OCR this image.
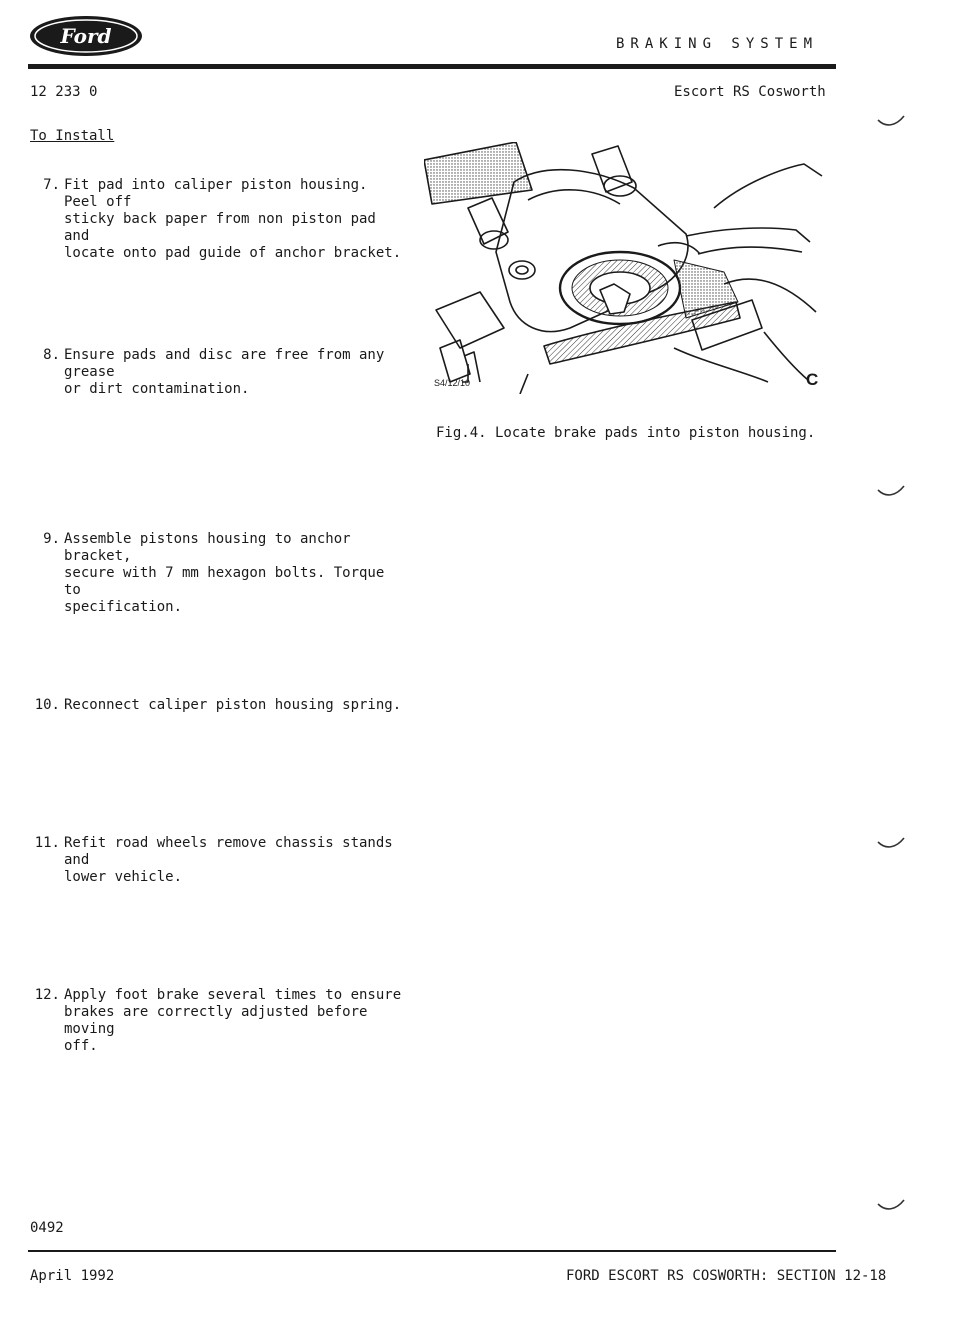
Ford	BRAKING SYSTEM
12 233 0	Escort RS Cosworth
To Install

7. Fit pad into caliper piston housing. Peel off
sticky back paper from non piston pad and
locate onto pad guide of anchor bracket.

8. Ensure pads and disc are free from any grease
or dirt contamination.

9. Assemble pistons housing to anchor bracket,
secure with 7 mm hexagon bolts. Torque to
specification.

10. Reconnect caliper piston housing spring.

11. Refit road wheels remove chassis stands and
lower vehicle.

12. Apply foot brake several times to ensure
brakes are correctly adjusted before moving
off.

S4/12/10	C
Fig.4. Locate brake pads into piston housing.
0492
April 1992	FORD ESCORT RS COSWORTH: SECTION 12-18
